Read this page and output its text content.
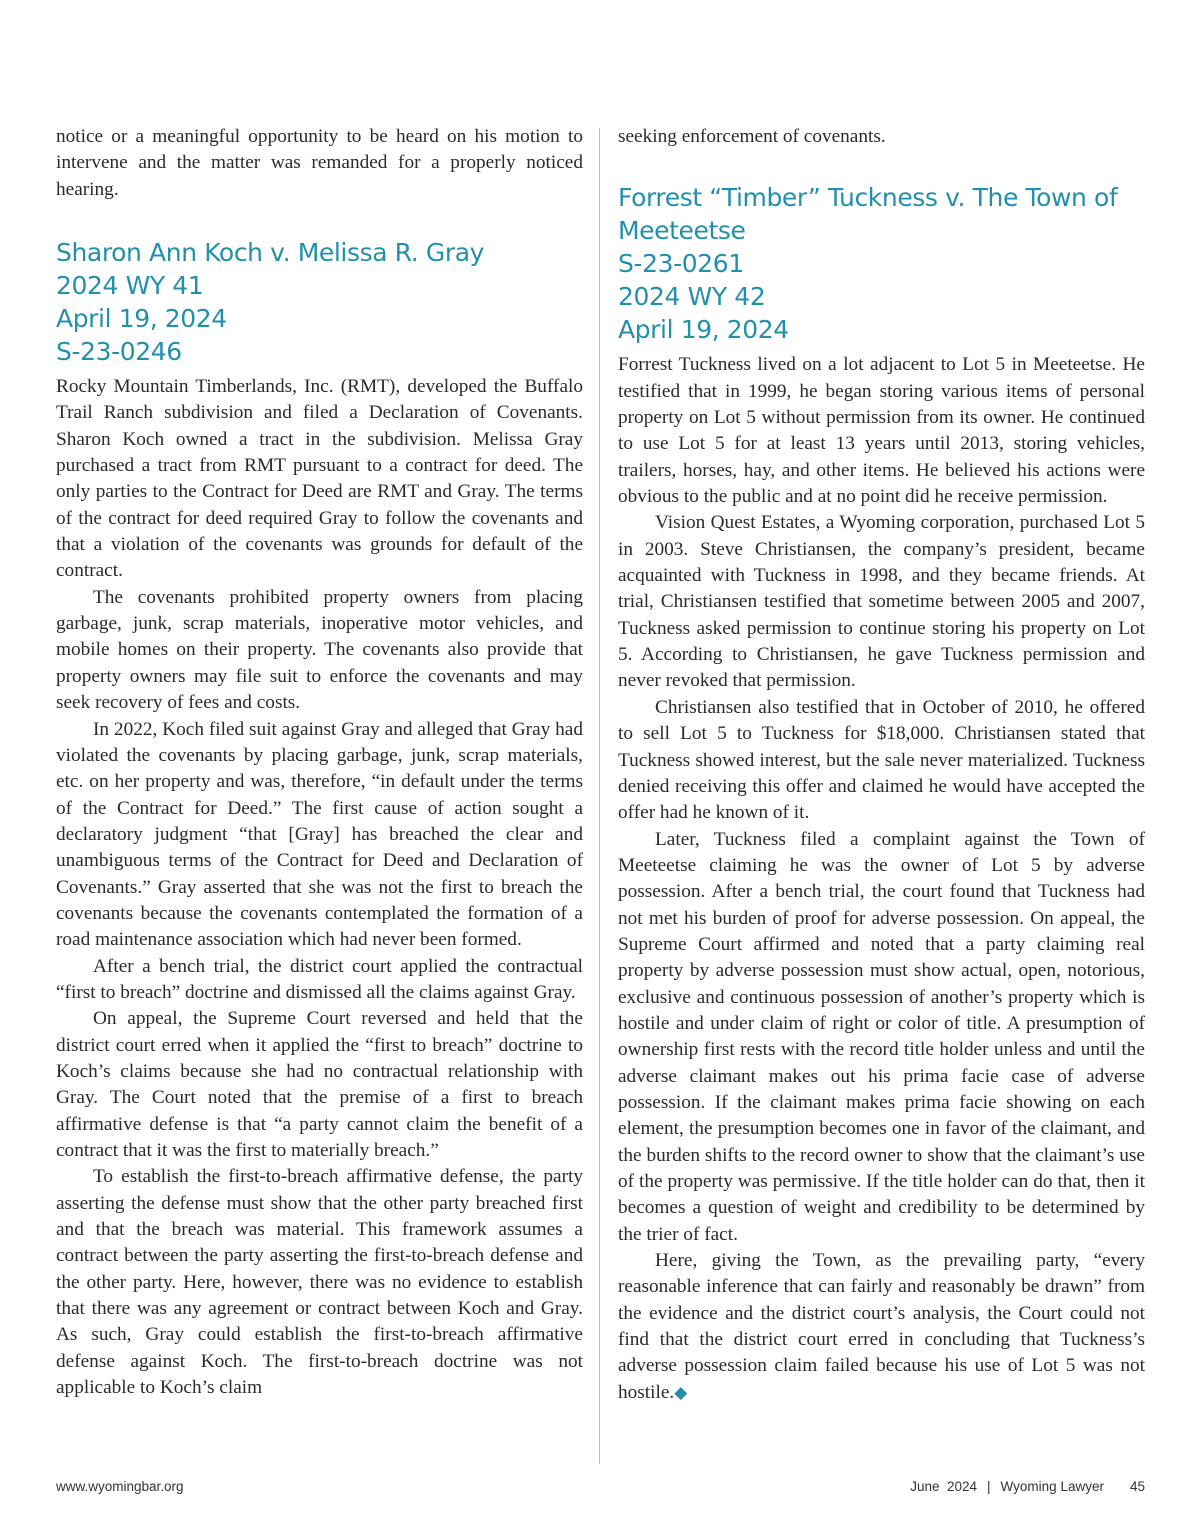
notice or a meaningful opportunity to be heard on his motion to intervene and the matter was remanded for a properly noticed hearing.

Sharon Ann Koch v. Melissa R. Gray
2024 WY 41
April 19, 2024
S-23-0246

Rocky Mountain Timberlands, Inc. (RMT), developed the Buffalo Trail Ranch subdivision and filed a Declaration of Covenants. Sharon Koch owned a tract in the subdivision. Melissa Gray purchased a tract from RMT pursuant to a contract for deed. The only parties to the Contract for Deed are RMT and Gray. The terms of the contract for deed required Gray to follow the covenants and that a violation of the covenants was grounds for default of the contract.

The covenants prohibited property owners from placing garbage, junk, scrap materials, inoperative motor vehicles, and mobile homes on their property. The covenants also provide that property owners may file suit to enforce the covenants and may seek recovery of fees and costs.

In 2022, Koch filed suit against Gray and alleged that Gray had violated the covenants by placing garbage, junk, scrap materials, etc. on her property and was, therefore, “in default under the terms of the Contract for Deed.” The first cause of action sought a declaratory judgment “that [Gray] has breached the clear and unambiguous terms of the Contract for Deed and Declaration of Covenants.” Gray asserted that she was not the first to breach the covenants because the covenants contemplated the formation of a road maintenance association which had never been formed.

After a bench trial, the district court applied the contractual “first to breach” doctrine and dismissed all the claims against Gray.

On appeal, the Supreme Court reversed and held that the district court erred when it applied the “first to breach” doctrine to Koch’s claims because she had no contractual relationship with Gray. The Court noted that the premise of a first to breach affirmative defense is that “a party cannot claim the benefit of a contract that it was the first to materially breach.”

To establish the first-to-breach affirmative defense, the party asserting the defense must show that the other party breached first and that the breach was material. This framework assumes a contract between the party asserting the first-to-breach defense and the other party. Here, however, there was no evidence to establish that there was any agreement or contract between Koch and Gray. As such, Gray could establish the first-to-breach affirmative defense against Koch. The first-to-breach doctrine was not applicable to Koch’s claim

seeking enforcement of covenants.

Forrest “Timber” Tuckness v. The Town of
Meeteetse
S-23-0261
2024 WY 42
April 19, 2024

Forrest Tuckness lived on a lot adjacent to Lot 5 in Meeteetse. He testified that in 1999, he began storing various items of personal property on Lot 5 without permission from its owner. He continued to use Lot 5 for at least 13 years until 2013, storing vehicles, trailers, horses, hay, and other items. He believed his actions were obvious to the public and at no point did he receive permission.

Vision Quest Estates, a Wyoming corporation, purchased Lot 5 in 2003. Steve Christiansen, the company’s president, became acquainted with Tuckness in 1998, and they became friends. At trial, Christiansen testified that sometime between 2005 and 2007, Tuckness asked permission to continue storing his property on Lot 5. According to Christiansen, he gave Tuckness permission and never revoked that permission.

Christiansen also testified that in October of 2010, he offered to sell Lot 5 to Tuckness for $18,000. Christiansen stated that Tuckness showed interest, but the sale never materialized. Tuckness denied receiving this offer and claimed he would have accepted the offer had he known of it.

Later, Tuckness filed a complaint against the Town of Meeteetse claiming he was the owner of Lot 5 by adverse possession. After a bench trial, the court found that Tuckness had not met his burden of proof for adverse possession. On appeal, the Supreme Court affirmed and noted that a party claiming real property by adverse possession must show actual, open, notorious, exclusive and continuous possession of another’s property which is hostile and under claim of right or color of title. A presumption of ownership first rests with the record title holder unless and until the adverse claimant makes out his prima facie case of adverse possession. If the claimant makes prima facie showing on each element, the presumption becomes one in favor of the claimant, and the burden shifts to the record owner to show that the claimant’s use of the property was permissive. If the title holder can do that, then it becomes a question of weight and credibility to be determined by the trier of fact.

Here, giving the Town, as the prevailing party, “every reasonable inference that can fairly and reasonably be drawn” from the evidence and the district court’s analysis, the Court could not find that the district court erred in concluding that Tuckness’s adverse possession claim failed because his use of Lot 5 was not hostile.◆

www.wyomingbar.org	June  2024 | Wyoming Lawyer 45
